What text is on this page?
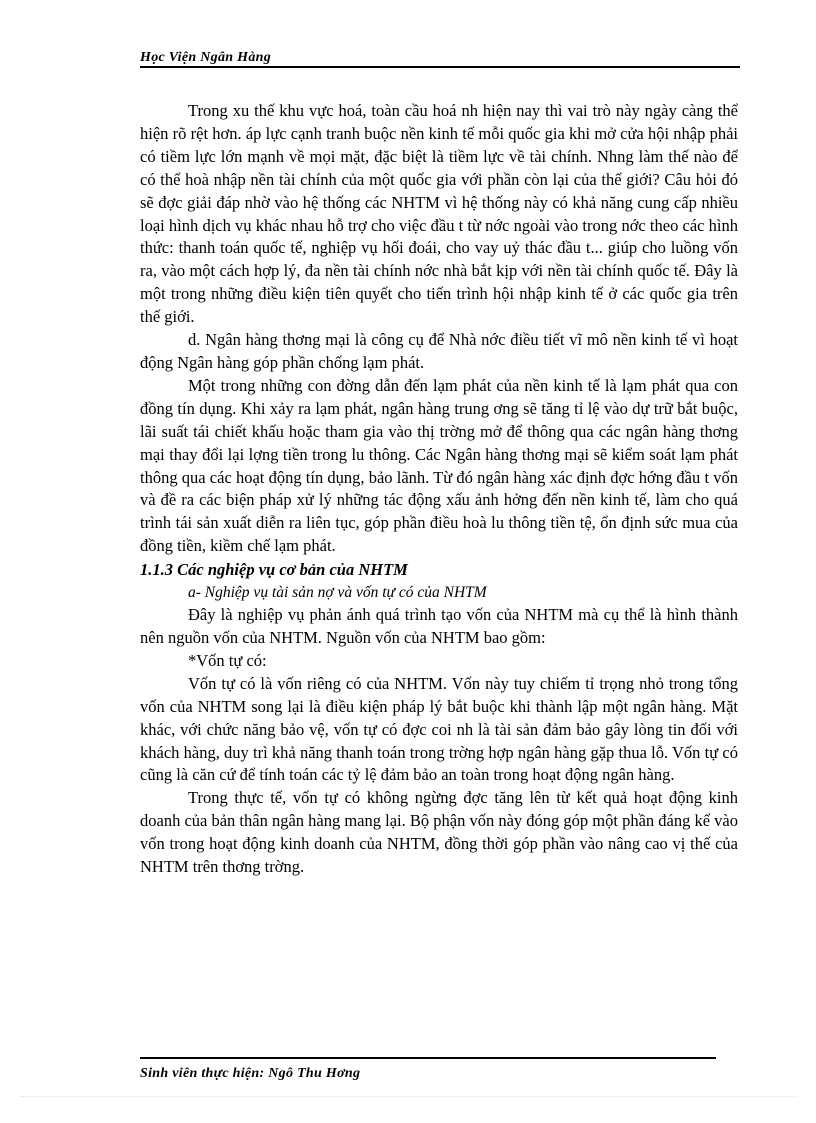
Học Viện Ngân Hàng

Trong xu thế khu vực hoá, toàn cầu hoá nh hiện nay thì vai trò này ngày càng thể hiện rõ rệt hơn. áp lực cạnh tranh buộc nền kinh tế mỗi quốc gia khi mở cửa hội nhập phải có tiềm lực lớn mạnh về mọi mặt, đặc biệt là tiềm lực về tài chính. Nhng làm thế nào để có thể hoà nhập nền tài chính của một quốc gia với phần còn lại của thế giới? Câu hỏi đó sẽ đợc giải đáp nhờ vào hệ thống các NHTM vì hệ thống này có khả năng cung cấp nhiều loại hình dịch vụ khác nhau hỗ trợ cho việc đầu t từ nớc ngoài vào trong nớc theo các hình thức: thanh toán quốc tế, nghiệp vụ hối đoái, cho vay uỷ thác đầu t... giúp cho luồng vốn ra, vào một cách hợp lý, đa nền tài chính nớc nhà bắt kịp với nền tài chính quốc tế. Đây là một trong những điều kiện tiên quyết cho tiến trình hội nhập kinh tế ở các quốc gia trên thế giới.

d. Ngân hàng thơng mại là công cụ để Nhà nớc điều tiết vĩ mô nền kinh tế vì hoạt động Ngân hàng góp phần chống lạm phát.

Một trong những con đờng dẫn đến lạm phát của nền kinh tế là lạm phát qua con đồng tín dụng. Khi xảy ra lạm phát, ngân hàng trung ơng sẽ tăng tỉ lệ vào dự trữ bắt buộc, lãi suất tái chiết khấu hoặc tham gia vào thị trờng mở để thông qua các ngân hàng thơng mại thay đổi lại lợng tiền trong lu thông. Các Ngân hàng thơng mại sẽ kiểm soát lạm phát thông qua các hoạt động tín dụng, bảo lãnh. Từ đó ngân hàng xác định đợc hớng đầu t vốn và đề ra các biện pháp xử lý những tác động xấu ảnh hởng đến nền kinh tế, làm cho quá trình tái sản xuất diễn ra liên tục, góp phần điều hoà lu thông tiền tệ, ổn định sức mua của đồng tiền, kiềm chế lạm phát.

1.1.3 Các nghiệp vụ cơ bản của NHTM

a- Nghiệp vụ tài sản nợ và vốn tự có của NHTM

Đây là nghiệp vụ phản ánh quá trình tạo vốn của NHTM mà cụ thể là hình thành nên nguồn vốn của NHTM. Nguồn vốn của NHTM bao gồm:

*Vốn tự có:

Vốn tự có là vốn riêng có của NHTM. Vốn này tuy chiếm tỉ trọng nhỏ trong tổng vốn của NHTM song lại là điều kiện pháp lý bắt buộc khi thành lập một ngân hàng. Mặt khác, với chức năng bảo vệ, vốn tự có đợc coi nh là tài sản đảm bảo gây lòng tin đối với khách hàng, duy trì khả năng thanh toán trong trờng hợp ngân hàng gặp thua lỗ. Vốn tự có cũng là căn cứ để tính toán các tỷ lệ đảm bảo an toàn trong hoạt động ngân hàng.

Trong thực tế, vốn tự có không ngừng đợc tăng lên từ kết quả hoạt động kinh doanh của bản thân ngân hàng mang lại. Bộ phận vốn này đóng góp một phần đáng kể vào vốn trong hoạt động kinh doanh của NHTM, đồng thời góp phần vào nâng cao vị thế của NHTM trên thơng trờng.

Sinh viên thực hiện: Ngô Thu Hơng
